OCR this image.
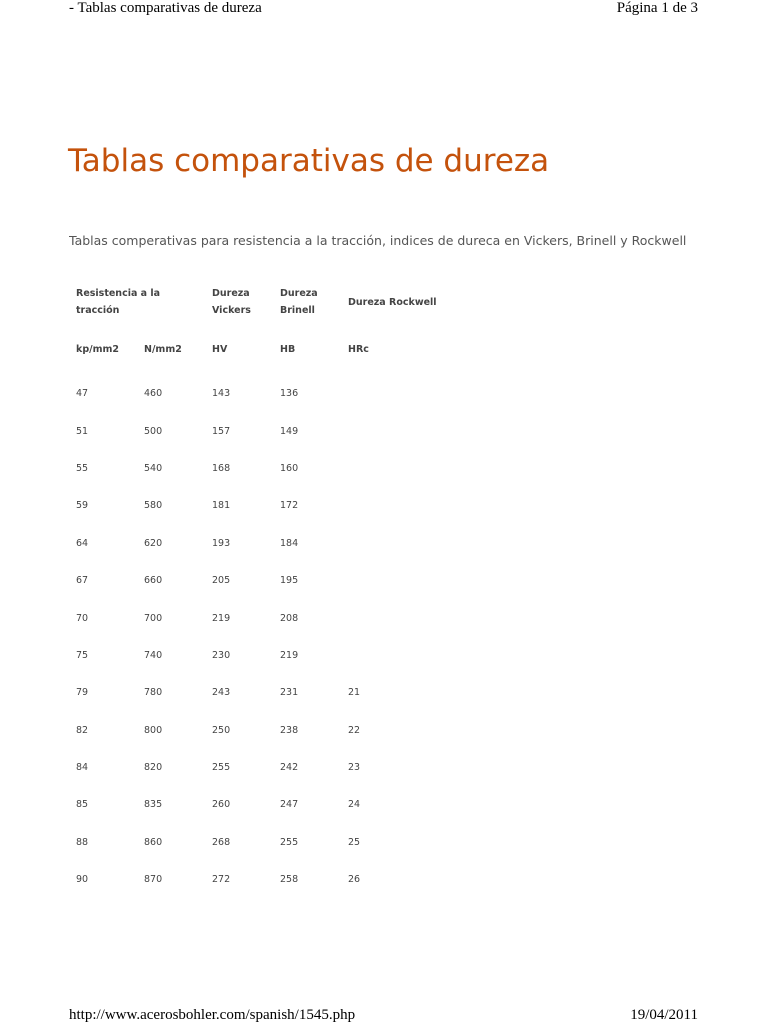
- Tablas comparativas de dureza	Página 1 de 3
Tablas comparativas de dureza
Tablas comperativas para resistencia a la tracción, indices de dureca en Vickers, Brinell y Rockwell
Resistencia a la tracción		Dureza Vickers	Dureza Brinell	Dureza Rockwell
kp/mm2	N/mm2	HV	HB	HRc
47	460	143	136	
51	500	157	149	
55	540	168	160	
59	580	181	172	
64	620	193	184	
67	660	205	195	
70	700	219	208	
75	740	230	219	
79	780	243	231	21
82	800	250	238	22
84	820	255	242	23
85	835	260	247	24
88	860	268	255	25
90	870	272	258	26
http://www.acerosbohler.com/spanish/1545.php	19/04/2011
